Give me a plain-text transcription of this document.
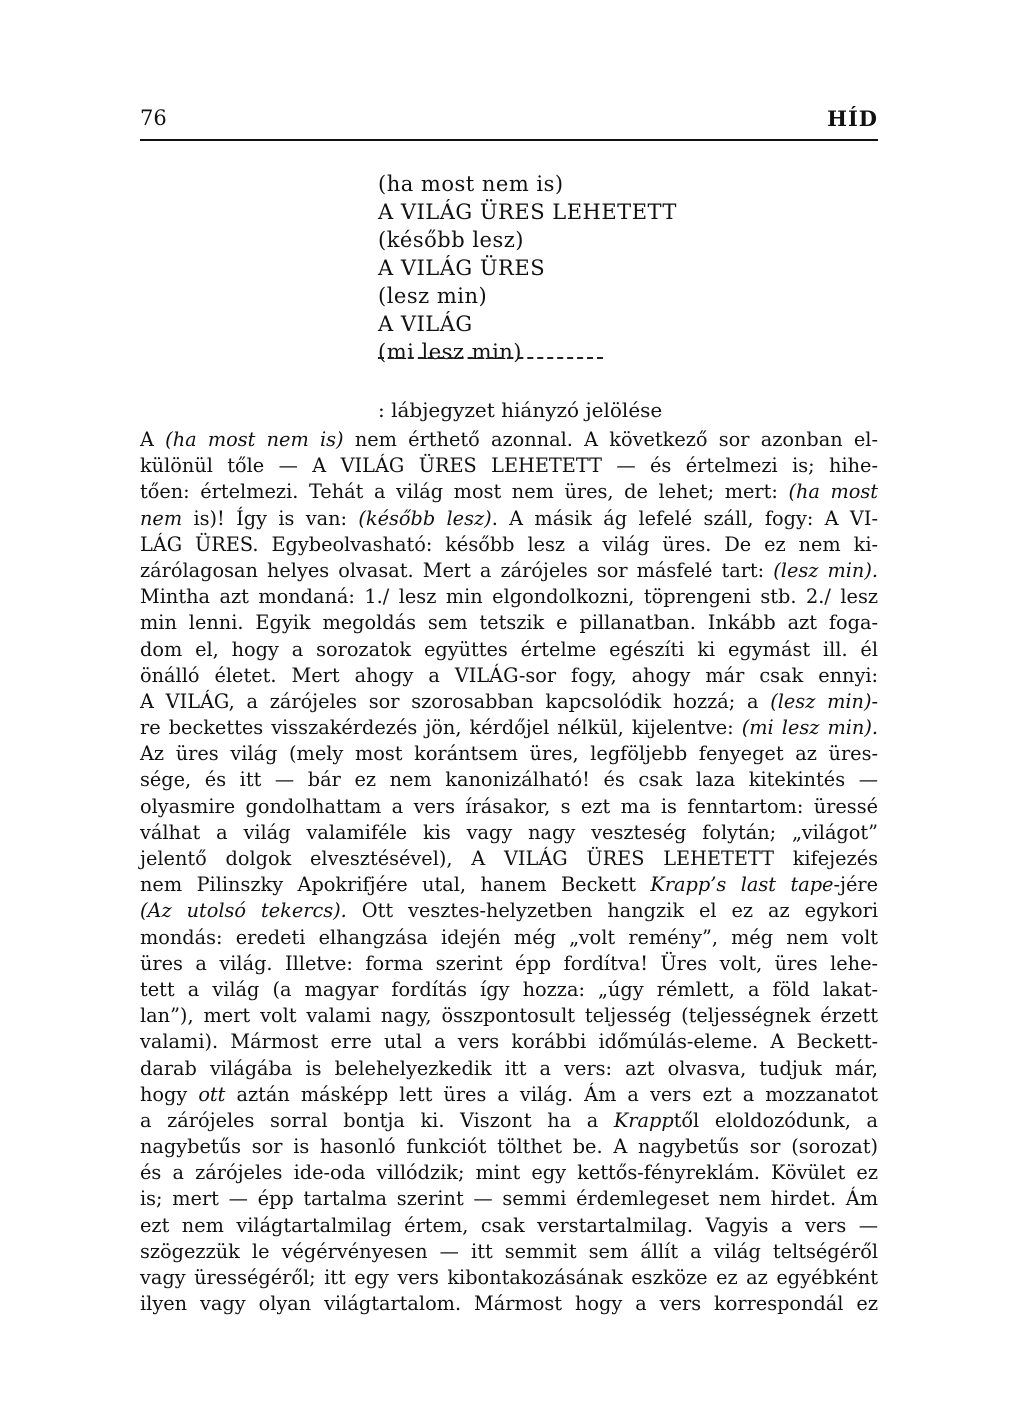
76	HÍD
(ha most nem is)
A VILÁG ÜRES LEHETETT
(később lesz)
A VILÁG ÜRES
(lesz min)
A VILÁG
(mi lesz min)
: lábjegyzet hiányzó jelölése
A (ha most nem is) nem érthető azonnal. A következő sor azonban el-
különül tőle — A VILÁG ÜRES LEHETETT — és értelmezi is; hihe-
tően: értelmezi. Tehát a világ most nem üres, de lehet; mert: (ha most
nem is)! Így is van: (később lesz). A másik ág lefelé száll, fogy: A VI-
LÁG ÜRES. Egybeolvasható: később lesz a világ üres. De ez nem ki-
zárólagosan helyes olvasat. Mert a zárójeles sor másfelé tart: (lesz min).
Mintha azt mondaná: 1./ lesz min elgondolkozni, töprengeni stb. 2./ lesz
min lenni. Egyik megoldás sem tetszik e pillanatban. Inkább azt foga-
dom el, hogy a sorozatok együttes értelme egészíti ki egymást ill. él
önálló életet. Mert ahogy a VILÁG-sor fogy, ahogy már csak ennyi:
A VILÁG, a zárójeles sor szorosabban kapcsolódik hozzá; a (lesz min)-
re beckettes visszakérdezés jön, kérdőjel nélkül, kijelentve: (mi lesz min).
Az üres világ (mely most korántsem üres, legföljebb fenyeget az üres-
sége, és itt — bár ez nem kanonizálható! és csak laza kitekintés —
olyasmire gondolhattam a vers írásakor, s ezt ma is fenntartom: üressé
válhat a világ valamiféle kis vagy nagy veszteség folytán; „világot”
jelentő dolgok elvesztésével), A VILÁG ÜRES LEHETETT kifejezés
nem Pilinszky Apokrifjére utal, hanem Beckett Krapp’s last tape-jére
(Az utolsó tekercs). Ott vesztes-helyzetben hangzik el ez az egykori
mondás: eredeti elhangzása idején még „volt remény”, még nem volt
üres a világ. Illetve: forma szerint épp fordítva! Üres volt, üres lehe-
tett a világ (a magyar fordítás így hozza: „úgy rémlett, a föld lakat-
lan”), mert volt valami nagy, összpontosult teljesség (teljességnek érzett
valami). Mármost erre utal a vers korábbi időmúlás-eleme. A Beckett-
darab világába is belehelyezkedik itt a vers: azt olvasva, tudjuk már,
hogy ott aztán másképp lett üres a világ. Ám a vers ezt a mozzanatot
a zárójeles sorral bontja ki. Viszont ha a Krapptől eloldozódunk, a
nagybetűs sor is hasonló funkciót tölthet be. A nagybetűs sor (sorozat)
és a zárójeles ide-oda villódzik; mint egy kettős-fényreklám. Kövület ez
is; mert — épp tartalma szerint — semmi érdemlegeset nem hirdet. Ám
ezt nem világtartalmilag értem, csak verstartalmilag. Vagyis a vers —
szögezzük le végérvényesen — itt semmit sem állít a világ teltségéről
vagy ürességéről; itt egy vers kibontakozásának eszköze ez az egyébként
ilyen vagy olyan világtartalom. Mármost hogy a vers korrespondál ez
